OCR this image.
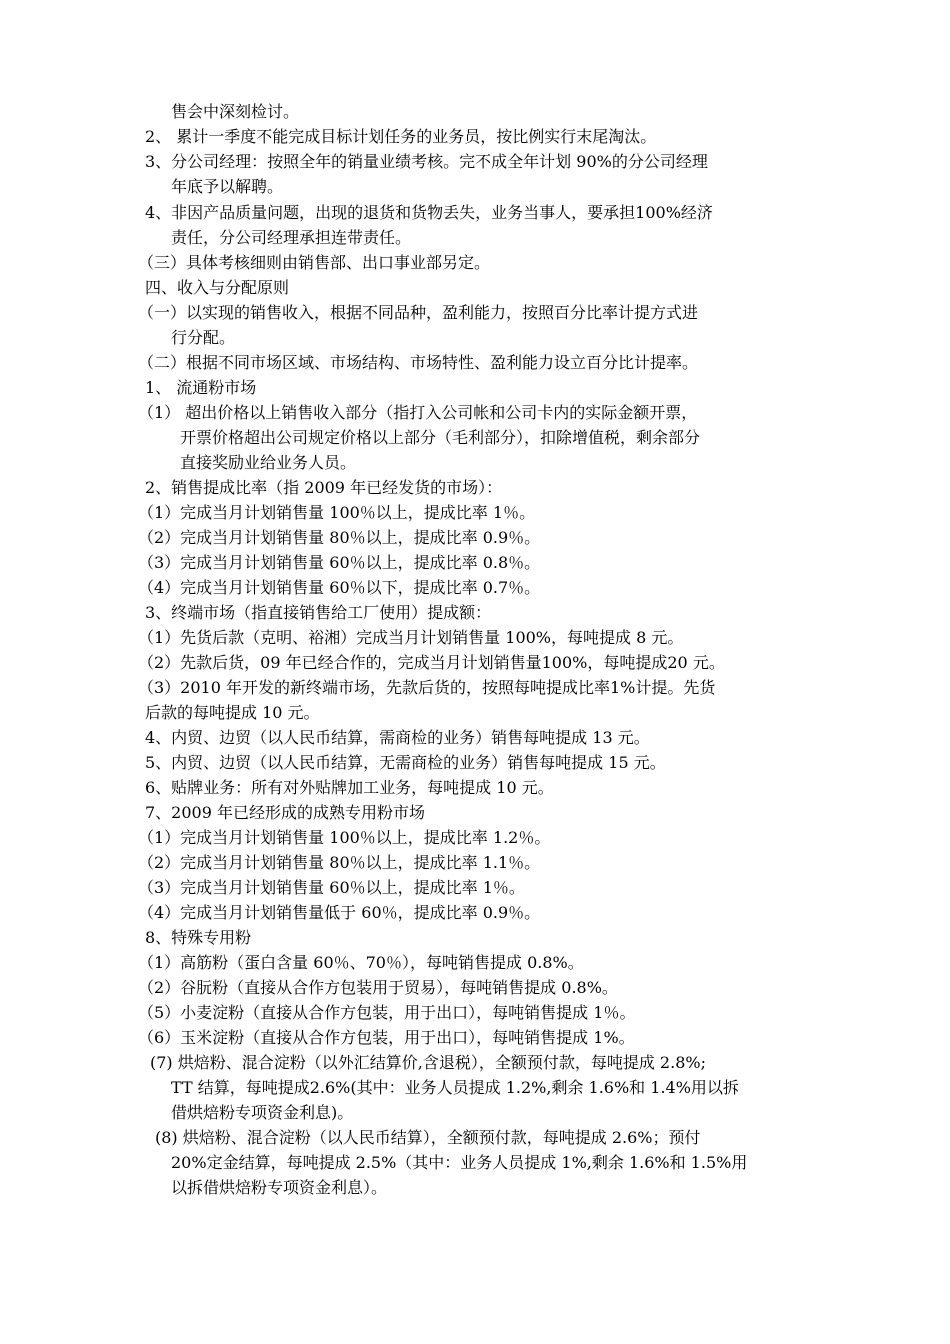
售会中深刻检讨。
2、 累计一季度不能完成目标计划任务的业务员，按比例实行末尾淘汰。
3、分公司经理：按照全年的销量业绩考核。完不成全年计划 90%的分公司经理
年底予以解聘。
4、非因产品质量问题，出现的退货和货物丢失，业务当事人，要承担100%经济
责任，分公司经理承担连带责任。
（三）具体考核细则由销售部、出口事业部另定。
四、收入与分配原则
（一）以实现的销售收入，根据不同品种，盈利能力，按照百分比率计提方式进
行分配。
（二）根据不同市场区域、市场结构、市场特性、盈利能力设立百分比计提率。
1、 流通粉市场
（1） 超出价格以上销售收入部分（指打入公司帐和公司卡内的实际金额开票，
开票价格超出公司规定价格以上部分（毛利部分），扣除增值税，剩余部分
直接奖励业给业务人员。
2、销售提成比率（指 2009 年已经发货的市场）：
（1）完成当月计划销售量 100％以上，提成比率 1％。
（2）完成当月计划销售量 80％以上，提成比率 0.9％。
（3）完成当月计划销售量 60％以上，提成比率 0.8％。
（4）完成当月计划销售量 60％以下，提成比率 0.7％。
3、终端市场（指直接销售给工厂使用）提成额：
（1）先货后款（克明、裕湘）完成当月计划销售量 100%，每吨提成 8 元。
（2）先款后货，09 年已经合作的，完成当月计划销售量100%，每吨提成20 元。
（3）2010 年开发的新终端市场，先款后货的，按照每吨提成比率1%计提。先货
后款的每吨提成 10 元。
4、内贸、边贸（以人民币结算，需商检的业务）销售每吨提成 13 元。
5、内贸、边贸（以人民币结算，无需商检的业务）销售每吨提成 15 元。
6、贴牌业务：所有对外贴牌加工业务，每吨提成 10 元。
7、2009 年已经形成的成熟专用粉市场
（1）完成当月计划销售量 100％以上，提成比率 1.2％。
（2）完成当月计划销售量 80％以上，提成比率 1.1％。
（3）完成当月计划销售量 60％以上，提成比率 1％。
（4）完成当月计划销售量低于 60％，提成比率 0.9％。
8、特殊专用粉
（1）高筋粉（蛋白含量 60％、70％），每吨销售提成 0.8%。
（2）谷朊粉（直接从合作方包装用于贸易），每吨销售提成 0.8%。
（5）小麦淀粉（直接从合作方包装，用于出口），每吨销售提成 1％。
（6）玉米淀粉（直接从合作方包装，用于出口），每吨销售提成 1%。
(7) 烘焙粉、混合淀粉（以外汇结算价,含退税），全额预付款，每吨提成 2.8%;
TT 结算，每吨提成2.6%(其中：业务人员提成 1.2%,剩余 1.6%和 1.4%用以拆
借烘焙粉专项资金利息)。
(8) 烘焙粉、混合淀粉（以人民币结算），全额预付款，每吨提成 2.6%；预付
20%定金结算，每吨提成 2.5%（其中：业务人员提成 1%,剩余 1.6%和 1.5%用
以拆借烘焙粉专项资金利息）。
